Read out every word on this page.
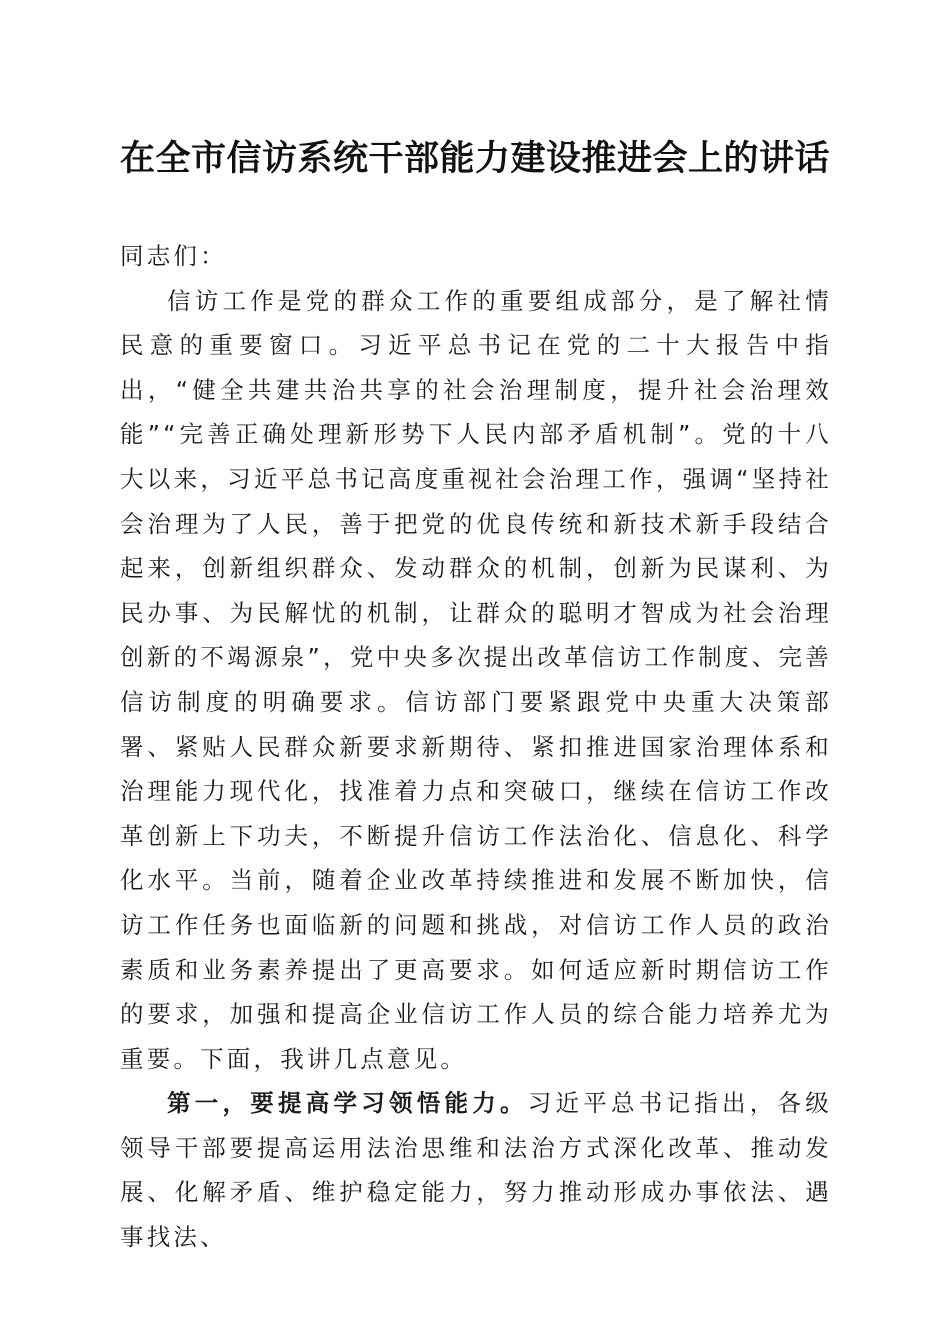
在全市信访系统干部能力建设推进会上的讲话

同志们：

信访工作是党的群众工作的重要组成部分，是了解社情民意的重要窗口。习近平总书记在党的二十大报告中指出，“健全共建共治共享的社会治理制度，提升社会治理效能”“完善正确处理新形势下人民内部矛盾机制”。党的十八大以来，习近平总书记高度重视社会治理工作，强调“坚持社会治理为了人民，善于把党的优良传统和新技术新手段结合起来，创新组织群众、发动群众的机制，创新为民谋利、为民办事、为民解忧的机制，让群众的聪明才智成为社会治理创新的不竭源泉”，党中央多次提出改革信访工作制度、完善信访制度的明确要求。信访部门要紧跟党中央重大决策部署、紧贴人民群众新要求新期待、紧扣推进国家治理体系和治理能力现代化，找准着力点和突破口，继续在信访工作改革创新上下功夫，不断提升信访工作法治化、信息化、科学化水平。当前，随着企业改革持续推进和发展不断加快，信访工作任务也面临新的问题和挑战，对信访工作人员的政治素质和业务素养提出了更高要求。如何适应新时期信访工作的要求，加强和提高企业信访工作人员的综合能力培养尤为重要。下面，我讲几点意见。

第一，要提高学习领悟能力。习近平总书记指出，各级领导干部要提高运用法治思维和法治方式深化改革、推动发展、化解矛盾、维护稳定能力，努力推动形成办事依法、遇事找法、
